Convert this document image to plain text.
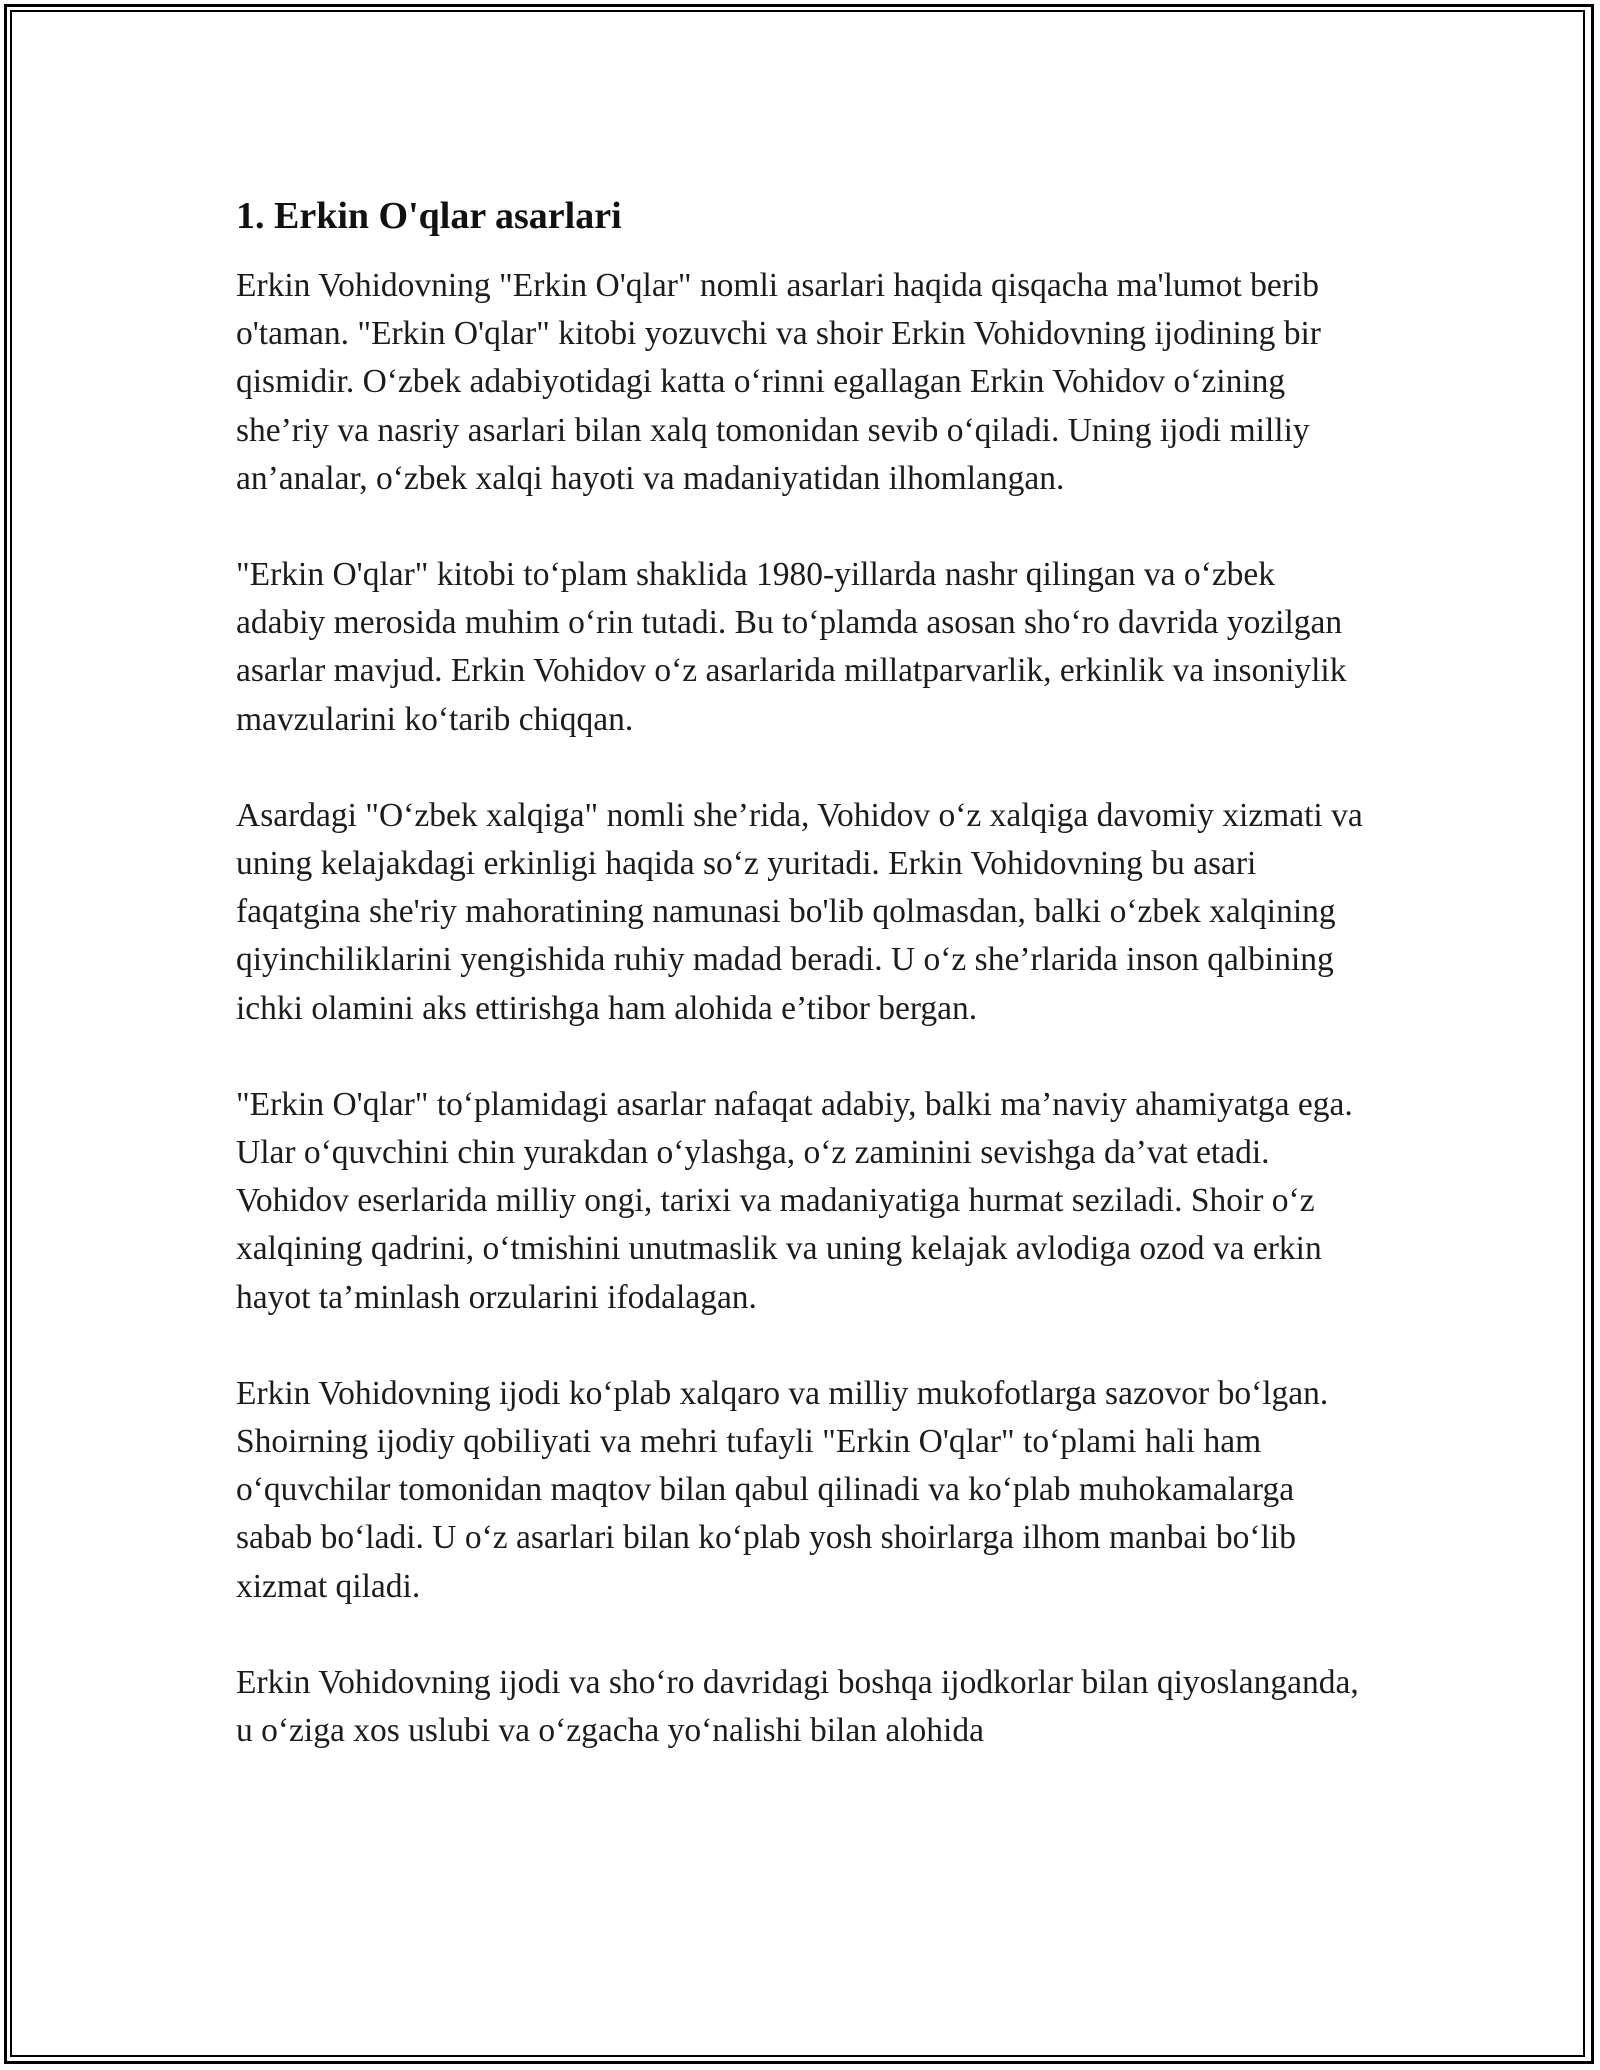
1. Erkin O'qlar asarlari

Erkin Vohidovning "Erkin O'qlar" nomli asarlari haqida qisqacha ma'lumot berib o'taman. "Erkin O'qlar" kitobi yozuvchi va shoir Erkin Vohidovning ijodining bir qismidir. O‘zbek adabiyotidagi katta o‘rinni egallagan Erkin Vohidov o‘zining she’riy va nasriy asarlari bilan xalq tomonidan sevib o‘qiladi. Uning ijodi milliy an’analar, o‘zbek xalqi hayoti va madaniyatidan ilhomlangan.

"Erkin O'qlar" kitobi to‘plam shaklida 1980-yillarda nashr qilingan va o‘zbek adabiy merosida muhim o‘rin tutadi. Bu to‘plamda asosan sho‘ro davrida yozilgan asarlar mavjud. Erkin Vohidov o‘z asarlarida millatparvarlik, erkinlik va insoniylik mavzularini ko‘tarib chiqqan.

Asardagi "O‘zbek xalqiga" nomli she’rida, Vohidov o‘z xalqiga davomiy xizmati va uning kelajakdagi erkinligi haqida so‘z yuritadi. Erkin Vohidovning bu asari faqatgina she'riy mahoratining namunasi bo'lib qolmasdan, balki o‘zbek xalqining qiyinchiliklarini yengishida ruhiy madad beradi. U o‘z she’rlarida inson qalbining ichki olamini aks ettirishga ham alohida e’tibor bergan.

"Erkin O'qlar" to‘plamidagi asarlar nafaqat adabiy, balki ma’naviy ahamiyatga ega. Ular o‘quvchini chin yurakdan o‘ylashga, o‘z zaminini sevishga da’vat etadi. Vohidov eserlarida milliy ongi, tarixi va madaniyatiga hurmat seziladi. Shoir o‘z xalqining qadrini, o‘tmishini unutmaslik va uning kelajak avlodiga ozod va erkin hayot ta’minlash orzularini ifodalagan.

Erkin Vohidovning ijodi ko‘plab xalqaro va milliy mukofotlarga sazovor bo‘lgan. Shoirning ijodiy qobiliyati va mehri tufayli "Erkin O'qlar" to‘plami hali ham o‘quvchilar tomonidan maqtov bilan qabul qilinadi va ko‘plab muhokamalarga sabab bo‘ladi. U o‘z asarlari bilan ko‘plab yosh shoirlarga ilhom manbai bo‘lib xizmat qiladi.

Erkin Vohidovning ijodi va sho‘ro davridagi boshqa ijodkorlar bilan qiyoslanganda, u o‘ziga xos uslubi va o‘zgacha yo‘nalishi bilan alohida
